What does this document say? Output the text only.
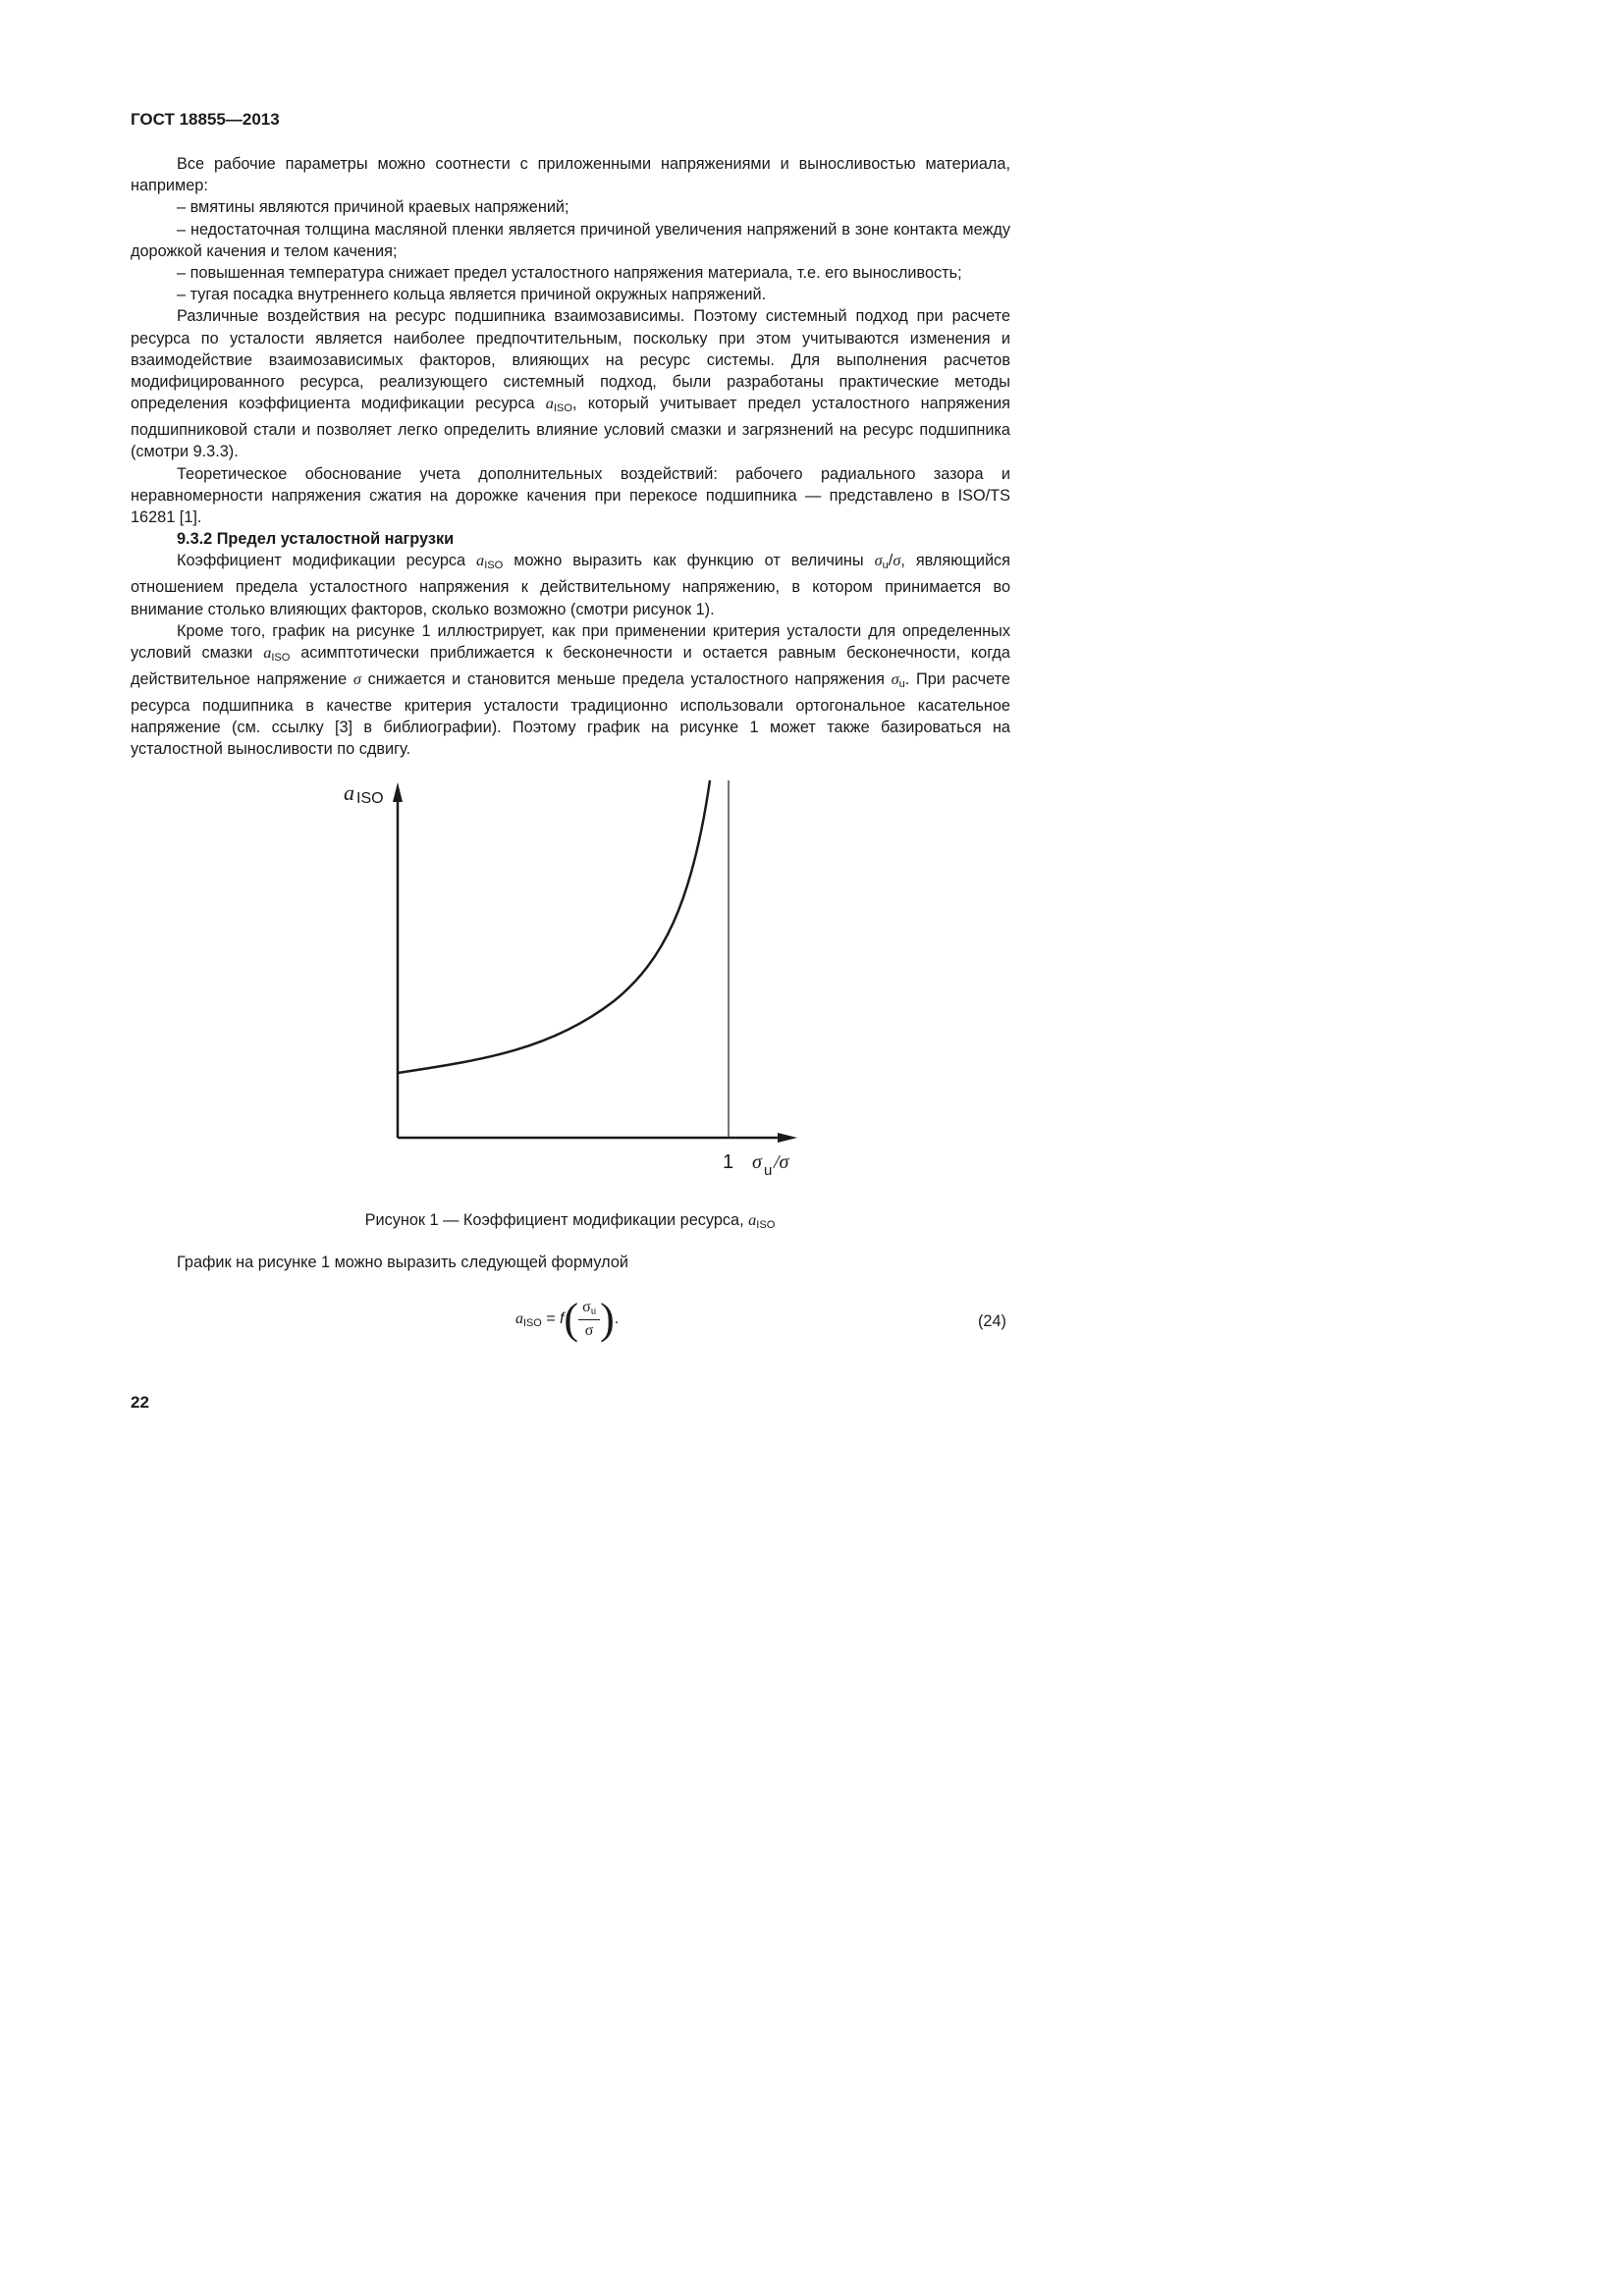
ГОСТ 18855—2013

Все рабочие параметры можно соотнести с приложенными напряжениями и выносливостью материала, например:

– вмятины являются причиной краевых напряжений;

– недостаточная толщина масляной пленки является причиной увеличения напряжений в зоне контакта между дорожкой качения и телом качения;

– повышенная температура снижает предел усталостного напряжения материала, т.е. его выносливость;

– тугая посадка внутреннего кольца является причиной окружных напряжений.

Различные воздействия на ресурс подшипника взаимозависимы. Поэтому системный подход при расчете ресурса по усталости является наиболее предпочтительным, поскольку при этом учитываются изменения и взаимодействие взаимозависимых факторов, влияющих на ресурс системы. Для выполнения расчетов модифицированного ресурса, реализующего системный подход, были разработаны практические методы определения коэффициента модификации ресурса $a_{ISO}$, который учитывает предел усталостного напряжения подшипниковой стали и позволяет легко определить влияние условий смазки и загрязнений на ресурс подшипника (смотри 9.3.3).

Теоретическое обоснование учета дополнительных воздействий: рабочего радиального зазора и неравномерности напряжения сжатия на дорожке качения при перекосе подшипника — представлено в ISO/TS 16281 [1].

9.3.2 Предел усталостной нагрузки

Коэффициент модификации ресурса $a_{ISO}$ можно выразить как функцию от величины $\sigma_u/\sigma$, являющийся отношением предела усталостного напряжения к действительному напряжению, в котором принимается во внимание столько влияющих факторов, сколько возможно (смотри рисунок 1).

Кроме того, график на рисунке 1 иллюстрирует, как при применении критерия усталости для определенных условий смазки $a_{ISO}$ асимптотически приближается к бесконечности и остается равным бесконечности, когда действительное напряжение σ снижается и становится меньше предела усталостного напряжения $\sigma_u$. При расчете ресурса подшипника в качестве критерия усталости традиционно использовали ортогональное касательное напряжение (см. ссылку [3] в библиографии). Поэтому график на рисунке 1 может также базироваться на усталостной выносливости по сдвигу.

a ISO
1 σ u /σ
Рисунок 1 — Коэффициент модификации ресурса, $a_{ISO}$
График на рисунке 1 можно выразить следующей формулой
$a_{ISO} = f( \frac{\sigma_u}{\sigma}$ ).	(24)
22
